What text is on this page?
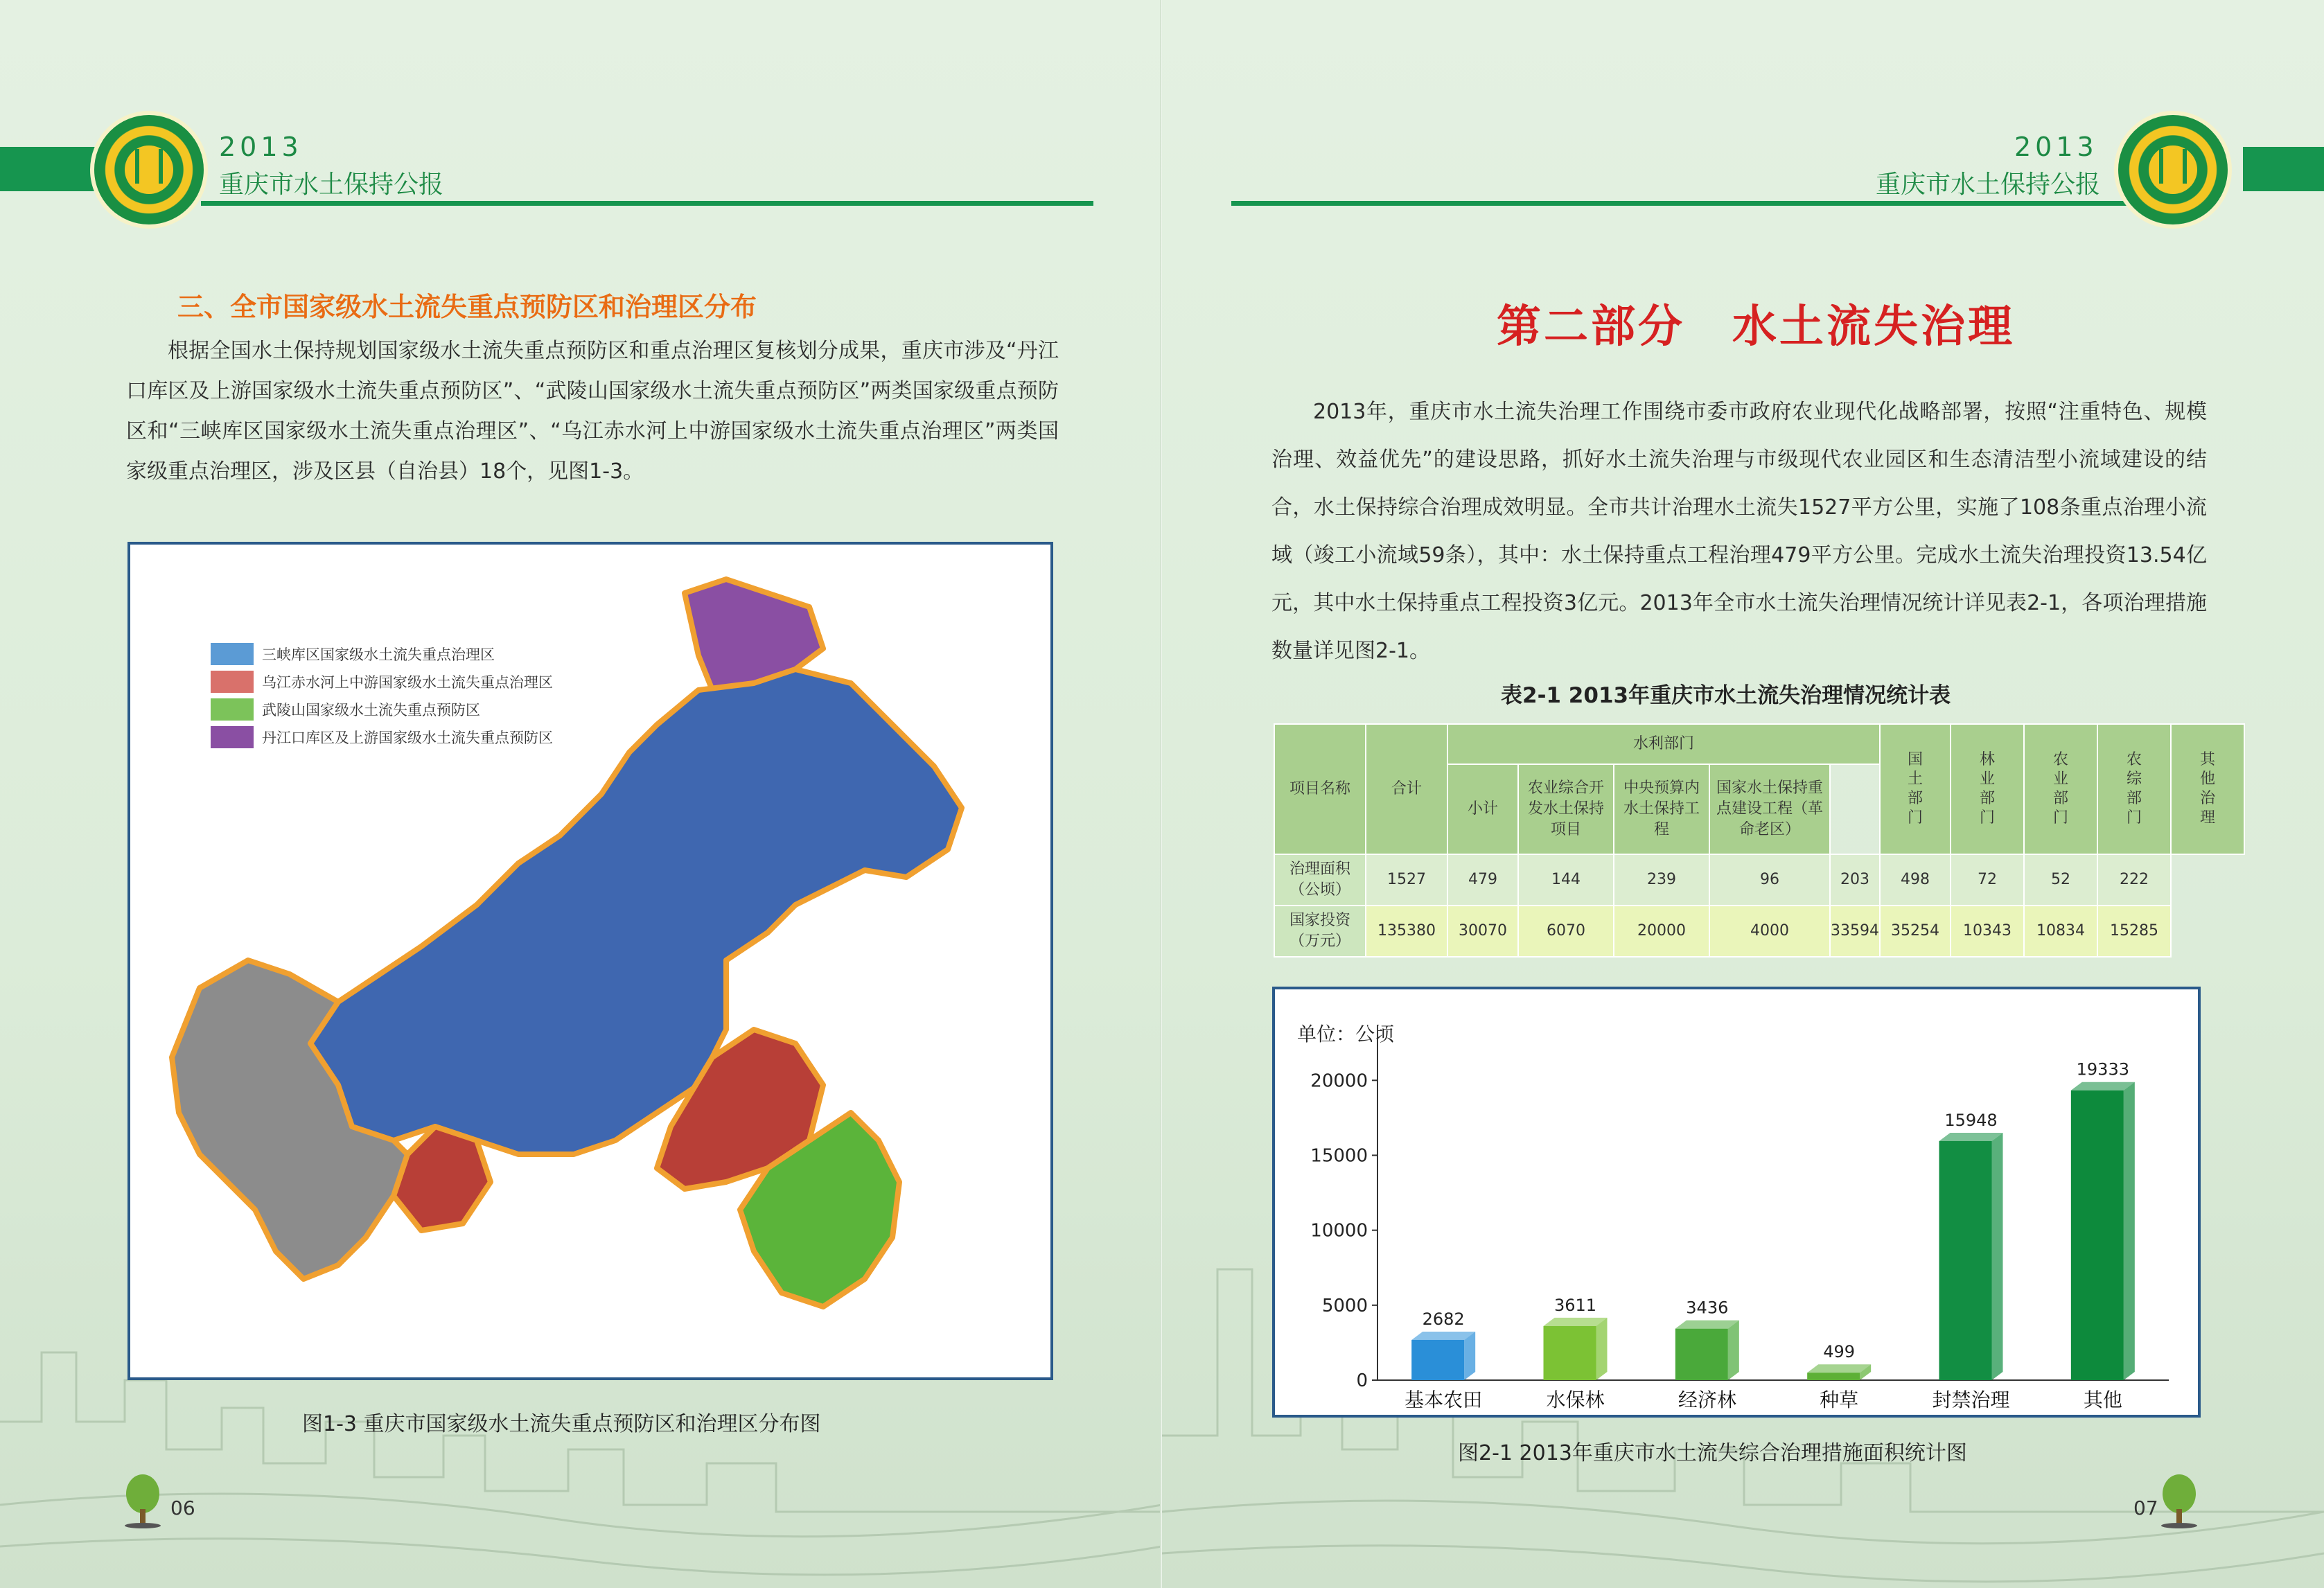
2013
重庆市水土保持公报
三、全市国家级水土流失重点预防区和治理区分布

根据全国水土保持规划国家级水土流失重点预防区和重点治理区复核划分成果，重庆市涉及“丹江口库区及上游国家级水土流失重点预防区”、“武陵山国家级水土流失重点预防区”两类国家级重点预防区和“三峡库区国家级水土流失重点治理区”、“乌江赤水河上中游国家级水土流失重点治理区”两类国家级重点治理区，涉及区县（自治县）18个，见图1-3。

三峡库区国家级水土流失重点治理区
乌江赤水河上中游国家级水土流失重点治理区
武陵山国家级水土流失重点预防区
丹江口库区及上游国家级水土流失重点预防区
图1-3 重庆市国家级水土流失重点预防区和治理区分布图
06
2013
重庆市水土保持公报
第二部分　水土流失治理

2013年，重庆市水土流失治理工作围绕市委市政府农业现代化战略部署，按照“注重特色、规模治理、效益优先”的建设思路，抓好水土流失治理与市级现代农业园区和生态清洁型小流域建设的结合，水土保持综合治理成效明显。全市共计治理水土流失1527平方公里，实施了108条重点治理小流域（竣工小流域59条），其中：水土保持重点工程治理479平方公里。完成水土流失治理投资13.54亿元，其中水土保持重点工程投资3亿元。2013年全市水土流失治理情况统计详见表2-1，各项治理措施数量详见图2-1。

表2-1 2013年重庆市水土流失治理情况统计表
项目名称	合计	水利部门					国土部门	林业部门	农业部门	农综部门	其他治理
		小计	农业综合开发水土保持项目	中央预算内水土保持工程	国家水土保持重点建设工程（革命老区）						

治理面积（公顷）	1527	479	144	239	96	203	498	72	52	222	
国家投资（万元）	135380	30070	6070	20000	4000	33594	35254	10343	10834	15285	
单位：公顷
0
5000
10000
15000
20000
2682
基本农田
3611
水保林
3436
经济林
499
种草
15948
封禁治理
19333
其他
图2-1 2013年重庆市水土流失综合治理措施面积统计图
07
